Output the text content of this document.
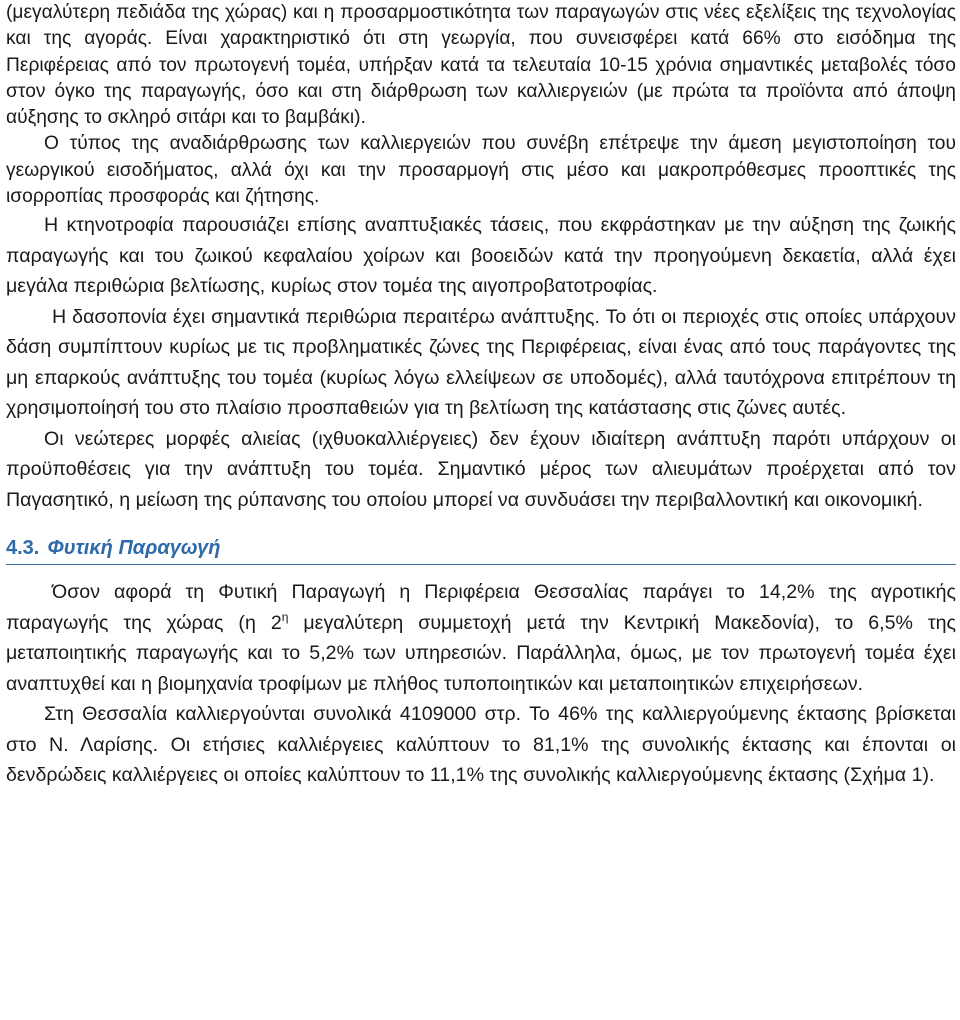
(μεγαλύτερη πεδιάδα της χώρας) και η προσαρμοστικότητα των παραγωγών στις νέες εξελίξεις της τεχνολογίας και της αγοράς. Είναι χαρακτηριστικό ότι στη γεωργία, που συνεισφέρει κατά 66% στο εισόδημα της Περιφέρειας από τον πρωτογενή τομέα, υπήρξαν κατά τα τελευταία 10-15 χρόνια σημαντικές μεταβολές τόσο στον όγκο της παραγωγής, όσο και στη διάρθρωση των καλλιεργειών (με πρώτα τα προϊόντα από άποψη αύξησης το σκληρό σιτάρι και το βαμβάκι).

Ο τύπος της αναδιάρθρωσης των καλλιεργειών που συνέβη επέτρεψε την άμεση μεγιστοποίηση του γεωργικού εισοδήματος, αλλά όχι και την προσαρμογή στις μέσο και μακροπρόθεσμες προοπτικές της ισορροπίας προσφοράς και ζήτησης.

Η κτηνοτροφία παρουσιάζει επίσης αναπτυξιακές τάσεις, που εκφράστηκαν με την αύξηση της ζωικής παραγωγής και του ζωικού κεφαλαίου χοίρων και βοοειδών κατά την προηγούμενη δεκαετία, αλλά έχει μεγάλα περιθώρια βελτίωσης, κυρίως στον τομέα της αιγοπροβατοτροφίας.

Η δασοπονία έχει σημαντικά περιθώρια περαιτέρω ανάπτυξης. Το ότι οι περιοχές στις οποίες υπάρχουν δάση συμπίπτουν κυρίως με τις προβληματικές ζώνες της Περιφέρειας, είναι ένας από τους παράγοντες της μη επαρκούς ανάπτυξης του τομέα (κυρίως λόγω ελλείψεων σε υποδομές), αλλά ταυτόχρονα επιτρέπουν τη χρησιμοποίησή του στο πλαίσιο προσπαθειών για τη βελτίωση της κατάστασης στις ζώνες αυτές.

Οι νεώτερες μορφές αλιείας (ιχθυοκαλλιέργειες) δεν έχουν ιδιαίτερη ανάπτυξη παρότι υπάρχουν οι προϋποθέσεις για την ανάπτυξη του τομέα. Σημαντικό μέρος των αλιευμάτων προέρχεται από τον Παγασητικό, η μείωση της ρύπανσης του οποίου μπορεί να συνδυάσει την περιβαλλοντική και οικονομική.

4.3. Φυτική Παραγωγή

Όσον αφορά τη Φυτική Παραγωγή η Περιφέρεια Θεσσαλίας παράγει το 14,2% της αγροτικής παραγωγής της χώρας (η $2^\eta$ μεγαλύτερη συμμετοχή μετά την Κεντρική Μακεδονία), το 6,5% της μεταποιητικής παραγωγής και το 5,2% των υπηρεσιών. Παράλληλα, όμως, με τον πρωτογενή τομέα έχει αναπτυχθεί και η βιομηχανία τροφίμων με πλήθος τυποποιητικών και μεταποιητικών επιχειρήσεων.

Στη Θεσσαλία καλλιεργούνται συνολικά 4109000 στρ. Το 46% της καλλιεργούμενης έκτασης βρίσκεται στο Ν. Λαρίσης. Οι ετήσιες καλλιέργειες καλύπτουν το 81,1% της συνολικής έκτασης και έπονται οι δενδρώδεις καλλιέργειες οι οποίες καλύπτουν το 11,1% της συνολικής καλλιεργούμενης έκτασης (Σχήμα 1).
